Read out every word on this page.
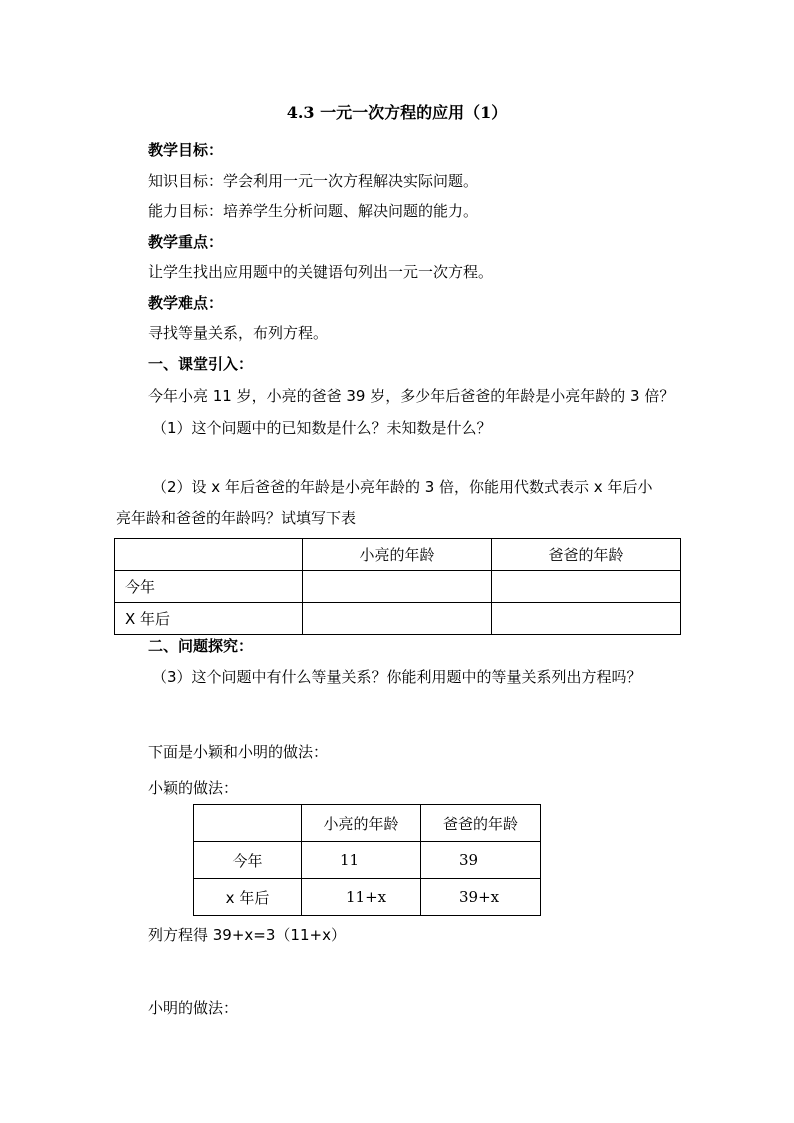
4.3 一元一次方程的应用（1）
教学目标：
知识目标：学会利用一元一次方程解决实际问题。
能力目标：培养学生分析问题、解决问题的能力。
教学重点：
让学生找出应用题中的关键语句列出一元一次方程。
教学难点：
寻找等量关系，布列方程。
一、课堂引入：
今年小亮 11 岁，小亮的爸爸 39 岁，多少年后爸爸的年龄是小亮年龄的 3 倍？
（1）这个问题中的已知数是什么？未知数是什么？
（2）设 x 年后爸爸的年龄是小亮年龄的 3 倍，你能用代数式表示 x 年后小
亮年龄和爸爸的年龄吗？试填写下表
	小亮的年龄	爸爸的年龄
今年		
X 年后		
二、问题探究：
（3）这个问题中有什么等量关系？你能利用题中的等量关系列出方程吗？
下面是小颖和小明的做法：
小颖的做法：
	小亮的年龄	爸爸的年龄
今年	11	39
x 年后	11+x	39+x
列方程得 39+x=3（11+x）
小明的做法：
